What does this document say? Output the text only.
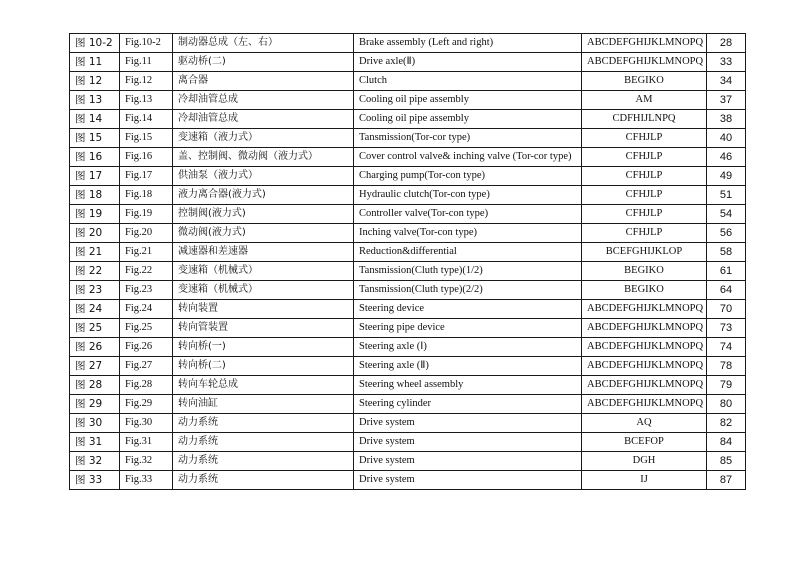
图 10-2	Fig.10-2	制动器总成（左、右）	Brake assembly (Left and right)	ABCDEFGHIJKLMNOPQ	28
图 11	Fig.11	驱动桥(二)	Drive axle(Ⅱ)	ABCDEFGHIJKLMNOPQ	33
图 12	Fig.12	离合器	Clutch	BEGIKO	34
图 13	Fig.13	冷却油管总成	Cooling oil pipe assembly	AM	37
图 14	Fig.14	冷却油管总成	Cooling oil pipe assembly	CDFHIJLNPQ	38
图 15	Fig.15	变速箱（液力式）	Tansmission(Tor-cor type)	CFHJLP	40
图 16	Fig.16	盖、控制阀、微动阀（液力式）	Cover control valve& inching valve (Tor-cor type)	CFHJLP	46
图 17	Fig.17	供油泵（液力式）	Charging pump(Tor-con type)	CFHJLP	49
图 18	Fig.18	液力离合器(液力式)	Hydraulic clutch(Tor-con type)	CFHJLP	51
图 19	Fig.19	控制阀(液力式)	Controller valve(Tor-con type)	CFHJLP	54
图 20	Fig.20	微动阀(液力式)	Inching valve(Tor-con type)	CFHJLP	56
图 21	Fig.21	减速器和差速器	Reduction&differential	BCEFGHIJKLOP	58
图 22	Fig.22	变速箱（机械式）	Tansmission(Cluth type)(1/2)	BEGIKO	61
图 23	Fig.23	变速箱（机械式）	Tansmission(Cluth type)(2/2)	BEGIKO	64
图 24	Fig.24	转向装置	Steering device	ABCDEFGHIJKLMNOPQ	70
图 25	Fig.25	转向管装置	Steering pipe device	ABCDEFGHIJKLMNOPQ	73
图 26	Fig.26	转向桥(一)	Steering axle (Ⅰ)	ABCDEFGHIJKLMNOPQ	74
图 27	Fig.27	转向桥(二)	Steering axle (Ⅱ)	ABCDEFGHIJKLMNOPQ	78
图 28	Fig.28	转向车轮总成	Steering wheel assembly	ABCDEFGHIJKLMNOPQ	79
图 29	Fig.29	转向油缸	Steering cylinder	ABCDEFGHIJKLMNOPQ	80
图 30	Fig.30	动力系统	Drive system	AQ	82
图 31	Fig.31	动力系统	Drive system	BCEFOP	84
图 32	Fig.32	动力系统	Drive system	DGH	85
图 33	Fig.33	动力系统	Drive system	IJ	87
